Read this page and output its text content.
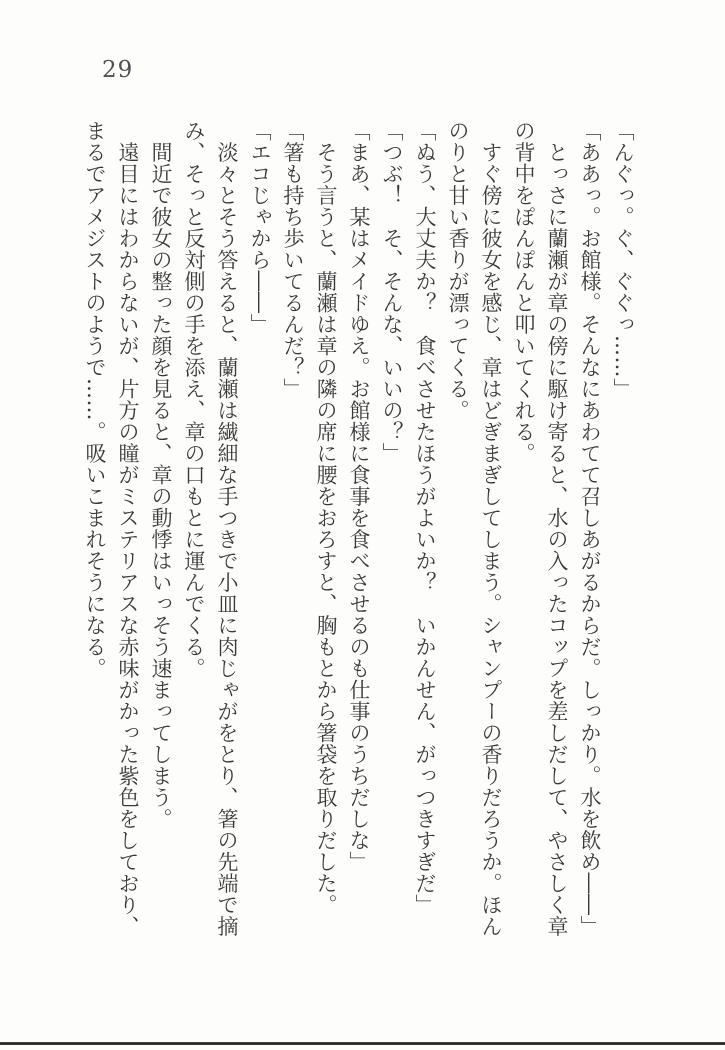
29
「んぐっ。ぐ、ぐぐっ……」
「ああっ。お館様。そんなにあわてて召しあがるからだ。しっかり。水を飲め――」
　とっさに蘭瀬が章の傍に駆け寄ると、水の入ったコップを差しだして、やさしく章
の背中をぽんぽんと叩いてくれる。
　すぐ傍に彼女を感じ、章はどぎまぎしてしまう。シャンプーの香りだろうか。ほん
のりと甘い香りが漂ってくる。
「ぬう、大丈夫か？　食べさせたほうがよいか？　いかんせん、がっつきすぎだ」
「つぶ！　そ、そんな、いいの？」
「まあ、某はメイドゆえ。お館様に食事を食べさせるのも仕事のうちだしな」
　そう言うと、蘭瀬は章の隣の席に腰をおろすと、胸もとから箸袋を取りだした。
「箸も持ち歩いてるんだ？」
「エコじゃから――」
　淡々とそう答えると、蘭瀬は繊細な手つきで小皿に肉じゃがをとり、箸の先端で摘
み、そっと反対側の手を添え、章の口もとに運んでくる。
　間近で彼女の整った顔を見ると、章の動悸はいっそう速まってしまう。
　遠目にはわからないが、片方の瞳がミステリアスな赤味がかった紫色をしており、
まるでアメジストのようで……。吸いこまれそうになる。
